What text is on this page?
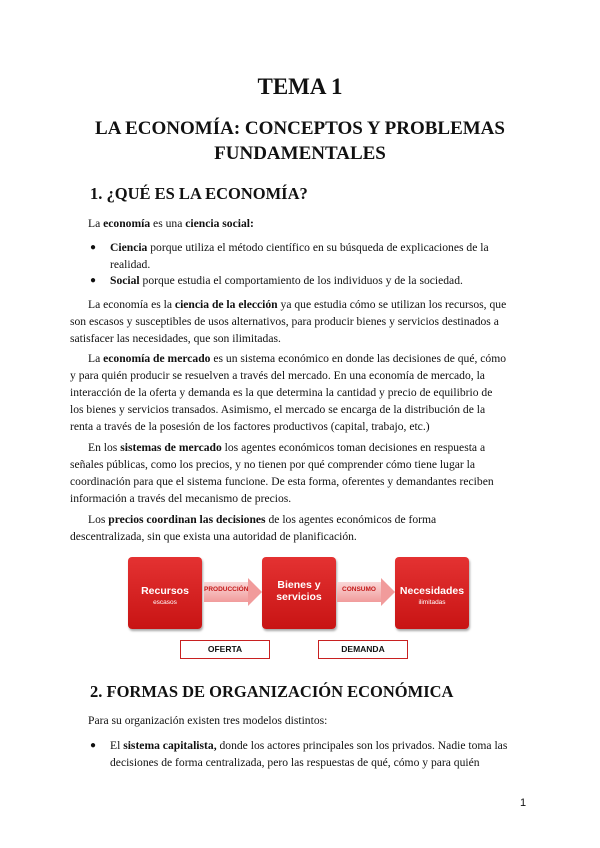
TEMA 1
LA ECONOMÍA: CONCEPTOS Y PROBLEMAS
FUNDAMENTALES
1. ¿QUÉ ES LA ECONOMÍA?
La economía es una ciencia social:
● Ciencia porque utiliza el método científico en su búsqueda de explicaciones de la
realidad.
● Social porque estudia el comportamiento de los individuos y de la sociedad.
La economía es la ciencia de la elección ya que estudia cómo se utilizan los recursos, que
son escasos y susceptibles de usos alternativos, para producir bienes y servicios destinados a
satisfacer las necesidades, que son ilimitadas.
La economía de mercado es un sistema económico en donde las decisiones de qué, cómo
y para quién producir se resuelven a través del mercado. En una economía de mercado, la
interacción de la oferta y demanda es la que determina la cantidad y precio de equilibrio de
los bienes y servicios transados. Asimismo, el mercado se encarga de la distribución de la
renta a través de la posesión de los factores productivos (capital, trabajo, etc.)
En los sistemas de mercado los agentes económicos toman decisiones en respuesta a
señales públicas, como los precios, y no tienen por qué comprender cómo tiene lugar la
coordinación para que el sistema funcione. De esta forma, oferentes y demandantes reciben
información a través del mecanismo de precios.
Los precios coordinan las decisiones de los agentes económicos de forma
descentralizada, sin que exista una autoridad de planificación.
Recursos
escasos
PRODUCCIÓN	Bienes y
servicios
CONSUMO	Necesidades
ilimitadas
OFERTA	DEMANDA
2. FORMAS DE ORGANIZACIÓN ECONÓMICA
Para su organización existen tres modelos distintos:
● El sistema capitalista, donde los actores principales son los privados. Nadie toma las
decisiones de forma centralizada, pero las respuestas de qué, cómo y para quién
1
